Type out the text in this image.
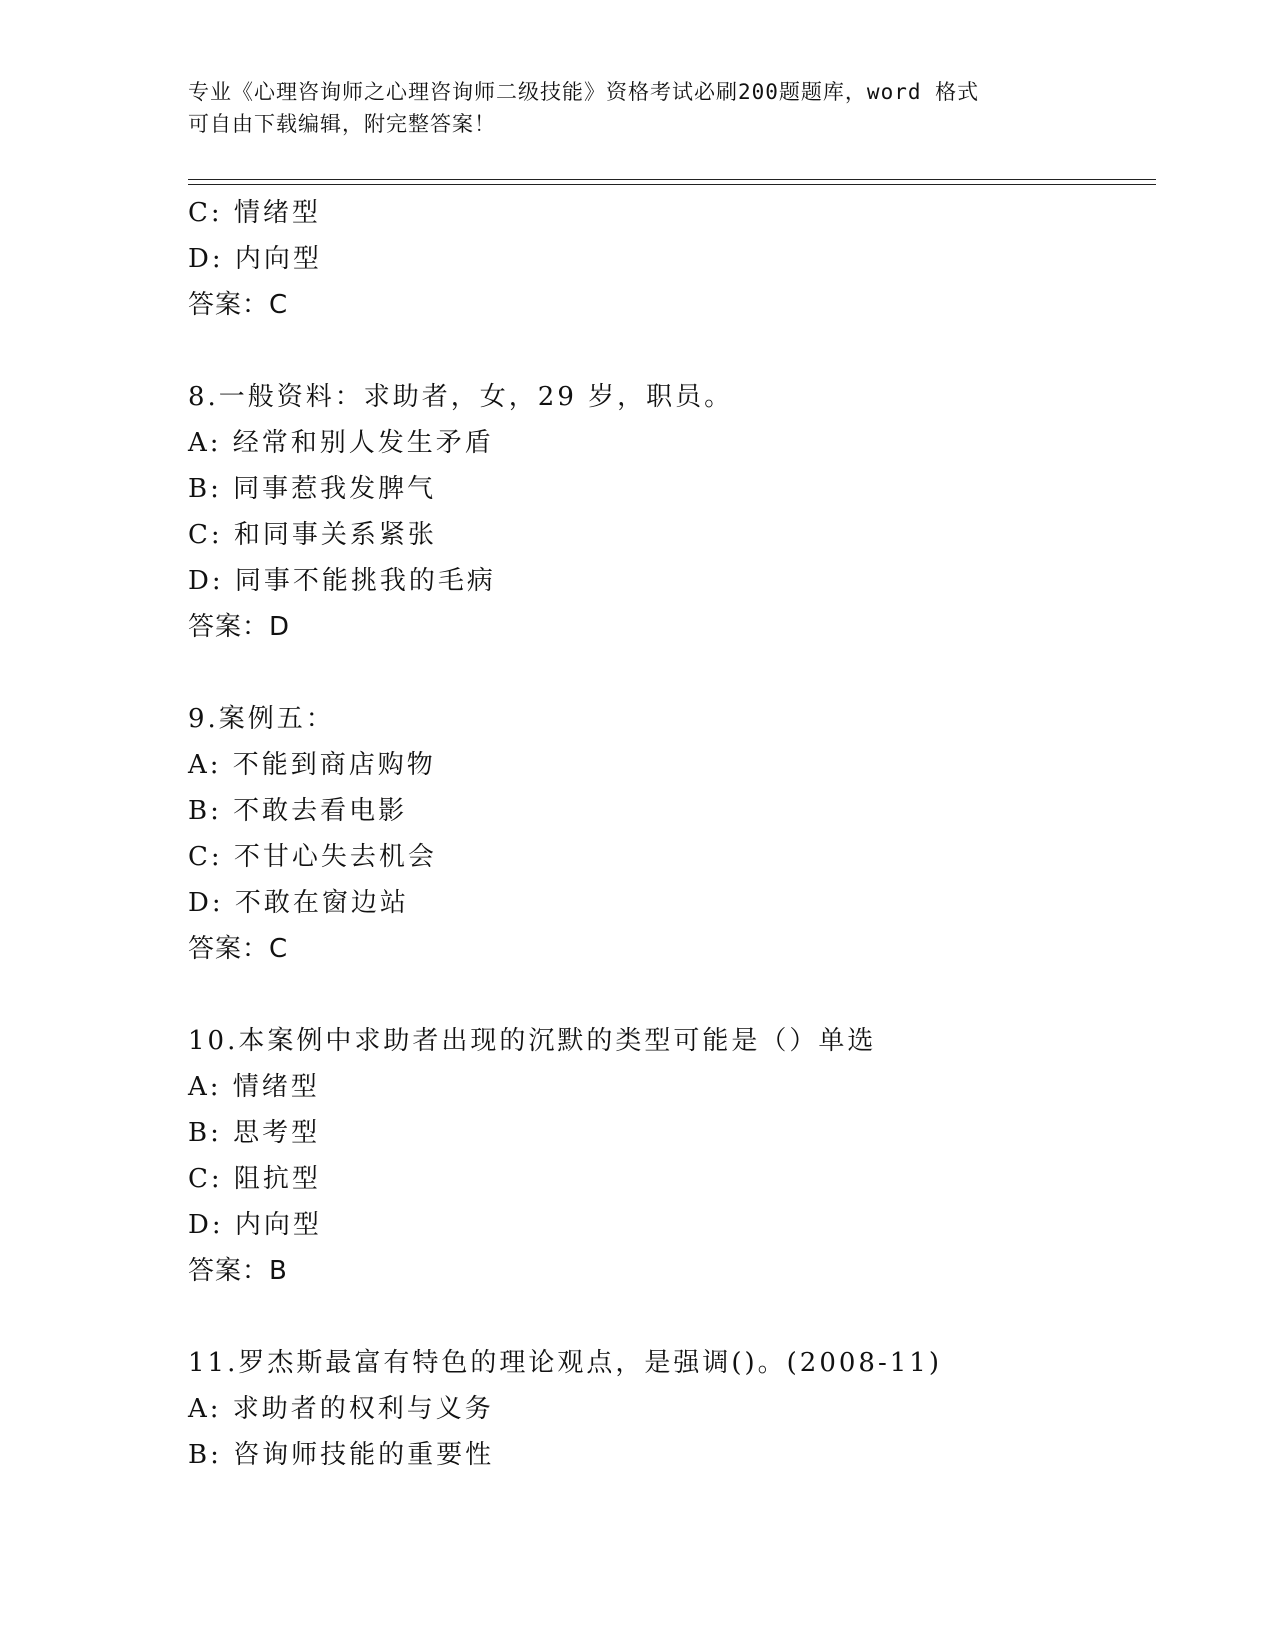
专业《心理咨询师之心理咨询师二级技能》资格考试必刷200题题库，word 格式
可自由下载编辑，附完整答案！
C: 情绪型
D: 内向型
答案：C
8.一般资料：求助者，女，29 岁，职员。
A: 经常和别人发生矛盾
B: 同事惹我发脾气
C: 和同事关系紧张
D: 同事不能挑我的毛病
答案：D
9.案例五：
A: 不能到商店购物
B: 不敢去看电影
C: 不甘心失去机会
D: 不敢在窗边站
答案：C
10.本案例中求助者出现的沉默的类型可能是（）单选
A: 情绪型
B: 思考型
C: 阻抗型
D: 内向型
答案：B
11.罗杰斯最富有特色的理论观点，是强调()。(2008-11)
A: 求助者的权利与义务
B: 咨询师技能的重要性
